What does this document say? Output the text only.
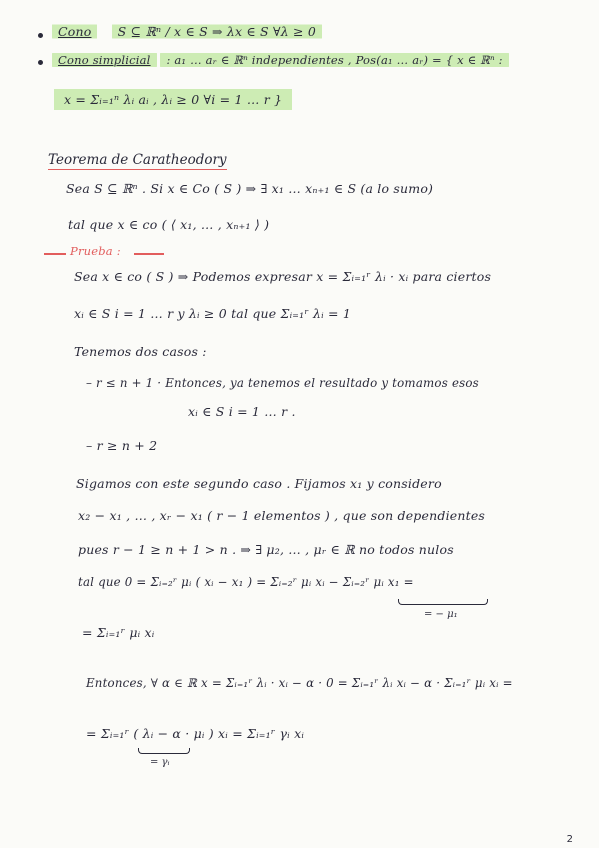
Cono S ⊆ ℝⁿ / x ∈ S ⇒ λx ∈ S ∀λ ≥ 0
Cono simplicial : a₁ … aᵣ ∈ ℝⁿ independientes , Pos(a₁ … aᵣ) = { x ∈ ℝⁿ :
x = Σᵢ₌₁ⁿ λᵢ aᵢ , λᵢ ≥ 0 ∀i = 1 … r }
Teorema de Caratheodory
Sea S ⊆ ℝⁿ . Si x ∈ Co ( S ) ⇒ ∃ x₁ … xₙ₊₁ ∈ S (a lo sumo)
tal que x ∈ co ( ⟨ x₁, … , xₙ₊₁ ⟩ )
Prueba :
Sea x ∈ co ( S ) ⇒ Podemos expresar x = Σᵢ₌₁ʳ λᵢ · xᵢ para ciertos
xᵢ ∈ S i = 1 … r y λᵢ ≥ 0 tal que Σᵢ₌₁ʳ λᵢ = 1
Tenemos dos casos :
– r ≤ n + 1 · Entonces, ya tenemos el resultado y tomamos esos
xᵢ ∈ S i = 1 … r .
– r ≥ n + 2
Sigamos con este segundo caso . Fijamos x₁ y considero
x₂ − x₁ , … , xᵣ − x₁ ( r − 1 elementos ) , que son dependientes
pues r − 1 ≥ n + 1 > n . ⇒ ∃ μ₂, … , μᵣ ∈ ℝ no todos nulos
tal que 0 = Σᵢ₌₂ʳ μᵢ ( xᵢ − x₁ ) = Σᵢ₌₂ʳ μᵢ xᵢ − Σᵢ₌₂ʳ μᵢ x₁ =
= − μ₁
= Σᵢ₌₁ʳ μᵢ xᵢ
Entonces, ∀ α ∈ ℝ x = Σᵢ₌₁ʳ λᵢ · xᵢ − α · 0 = Σᵢ₌₁ʳ λᵢ xᵢ − α · Σᵢ₌₁ʳ μᵢ xᵢ =
= Σᵢ₌₁ʳ ( λᵢ − α · μᵢ ) xᵢ = Σᵢ₌₁ʳ γᵢ xᵢ
= γᵢ
2
